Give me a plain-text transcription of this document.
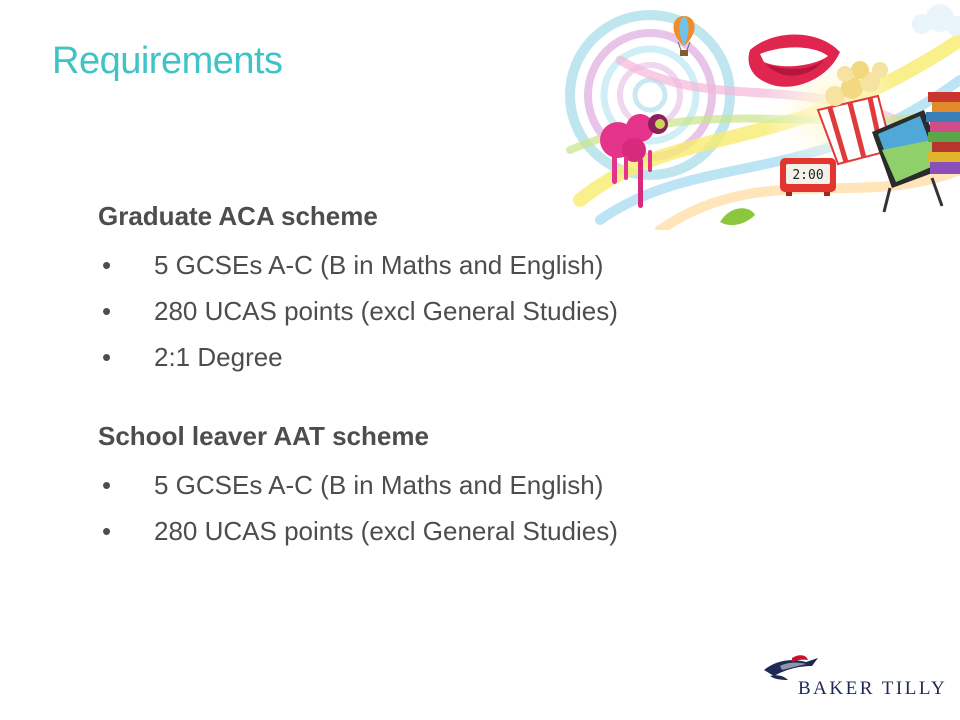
Requirements
2:00

Graduate ACA scheme

• 5 GCSEs A-C (B in Maths and English)
• 280 UCAS points (excl General Studies)
• 2:1 Degree

School leaver AAT scheme

• 5 GCSEs A-C (B in Maths and English)
• 280 UCAS points (excl General Studies)
BAKER TILLY
